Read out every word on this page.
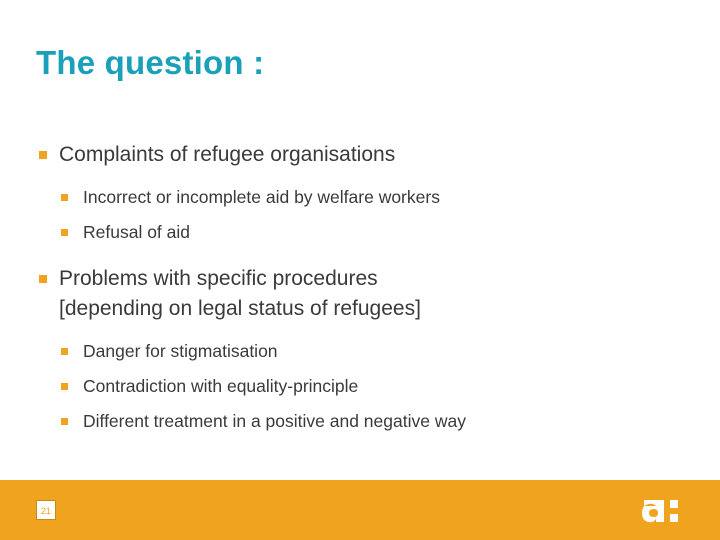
The question :
Complaints of refugee organisations
Incorrect or incomplete aid by welfare workers
Refusal of aid
Problems with specific procedures
[depending on legal status of refugees]
Danger for stigmatisation
Contradiction with equality-principle
Different treatment in a positive and negative way
21
